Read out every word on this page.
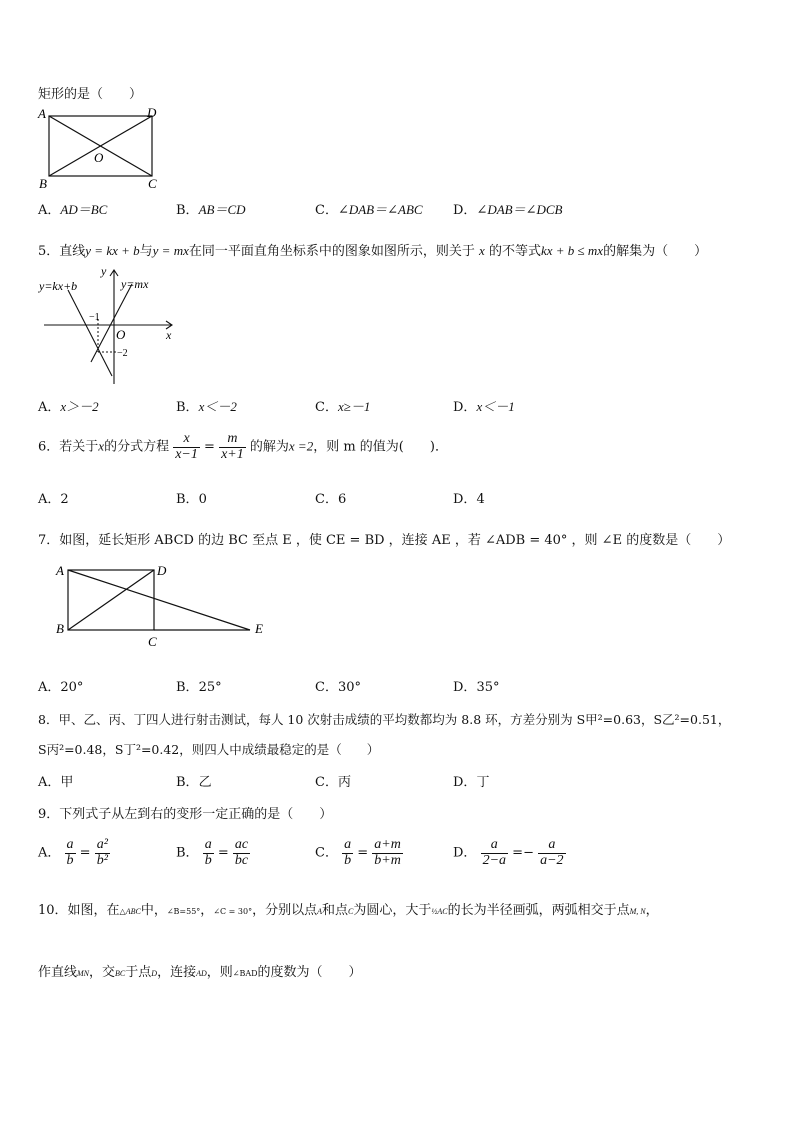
矩形的是（　　）
A	D
O
B	C
A．AD＝BC	B．AB＝CD	C．∠DAB＝∠ABC D．∠DAB＝∠DCB
5．直线y = kx + b与y = mx在同一平面直角坐标系中的图象如图所示，则关于 x 的不等式kx + b ≤ mx的解集为（　　）
y=kx+b	y=mx
y
x
O
−1
−2
A．x＞－2	B．x＜－2	C．x≥－1	D．x＜－1
6．若关于x的分式方程 $\frac{x}{x-1} = \frac{m}{x+1}$ 的解为x =2，则 m 的值为(　　)．
A．2	B．0	C．6	D．4
7．如图，延长矩形 ABCD 的边 BC 至点 E ，使 CE = BD ，连接 AE ，若 ∠ADB = 40° ，则 ∠E 的度数是（　　）
A	D
B
C
E
A．20°	B．25°	C．30°	D．35°
8．甲、乙、丙、丁四人进行射击测试，每人 10 次射击成绩的平均数都均为 8.8 环，方差分别为 S甲²=0.63，S乙²=0.51，
S丙²=0.48，S丁²=0.42，则四人中成绩最稳定的是（　　）
A．甲	B．乙	C．丙	D．丁
9．下列式子从左到右的变形一定正确的是（　　）
A． $\frac{a}{b} = \frac{\text{a²}}{\text{b²}}$	B． $\frac{a}{b} = \frac{ac}{bc}$	C． $\frac{a}{b} = \frac{a+m}{b+m}$	D． $\frac{a}{2-a} =- \frac{a}{a-2}$
10．如图，在△ABC中，∠B=55°，∠C = 30°，分别以点A和点C为圆心，大于½AC的长为半径画弧，两弧相交于点M, N，
作直线MN，交BC于点D，连接AD，则∠BAD的度数为（　　）
